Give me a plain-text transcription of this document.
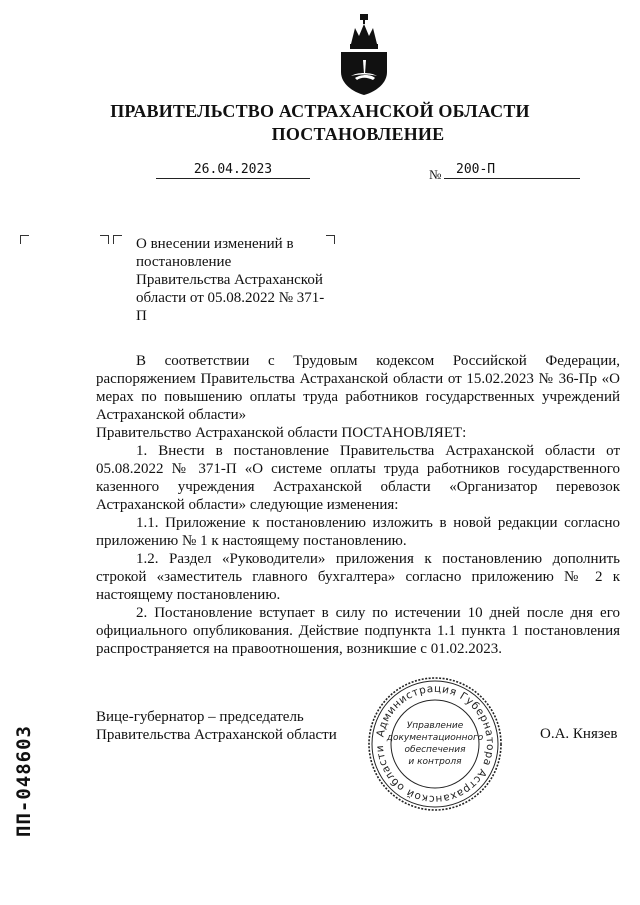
ПРАВИТЕЛЬСТВО АСТРАХАНСКОЙ ОБЛАСТИ
ПОСТАНОВЛЕНИЕ
26.04.2023	№	200-П
О внесении изменений в постановление Правительства Астраханской области от 05.08.2022 № 371-П

В соответствии с Трудовым кодексом Российской Федерации, распоряжением Правительства Астраханской области от 15.02.2023 № 36-Пр «О мерах по повышению оплаты труда работников государственных учреждений Астраханской области»

Правительство Астраханской области ПОСТАНОВЛЯЕТ:

1. Внести в постановление Правительства Астраханской области от 05.08.2022 № 371-П «О системе оплаты труда работников государственного казенного учреждения Астраханской области «Организатор перевозок Астраханской области» следующие изменения:

1.1. Приложение к постановлению изложить в новой редакции согласно приложению № 1 к настоящему постановлению.

1.2. Раздел «Руководители» приложения к постановлению дополнить строкой «заместитель главного бухгалтера» согласно приложению № 2 к настоящему постановлению.

2. Постановление вступает в силу по истечении 10 дней после дня его официального опубликования. Действие подпункта 1.1 пункта 1 постановления распространяется на правоотношения, возникшие с 01.02.2023.

Вице-губернатор – председатель
Правительства Астраханской области	О.А. Князев
Администрация Губернатора Астраханской области
Управление
документационного
обеспечения
и контроля
ПП-048603
